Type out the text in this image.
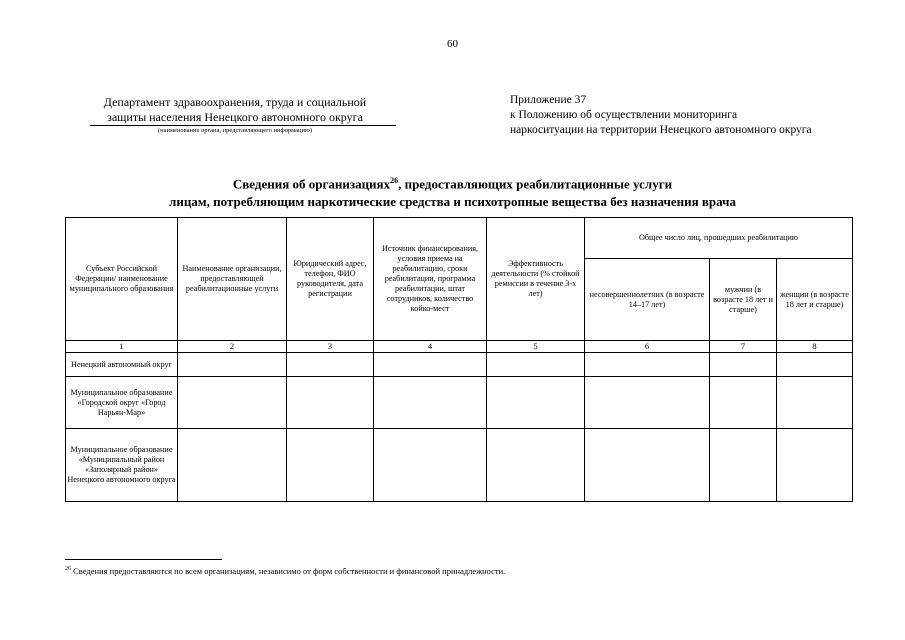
60
Департамент здравоохранения, труда и социальной
защиты населения Ненецкого автономного округа
(наименование органа, представляющего информацию)
Приложение 37
к Положению об осуществлении мониторинга
наркоситуации на территории Ненецкого автономного округа
Сведения об организациях$^{26}$, предоставляющих реабилитационные услуги
лицам, потребляющим наркотические средства и психотропные вещества без назначения врача
Субъект Российской Федерации/ наименование муниципального образования	Наименование организации, предоставляющей реабилитационные услуги	Юридический адрес, телефон, ФИО руководителя, дата регистрации	Источник финансирования, условия приема на реабилитацию, сроки реабилитации, программа реабилитации, штат сотрудников, количество койко-мест	Эффективность деятельности (% стойкой ремиссии в течение 3-х лет)	Общее число лиц, прошедших реабилитацию		
					несовершеннолетних (в возрасте 14–17 лет)	мужчин (в возрасте 18 лет и старше)	женщин (в возрасте 18 лет и старше)
1	2	3	4	5	6	7	8
Ненецкий автономный округ							
Муниципальное образование «Городской округ «Город Нарьян-Мар»							
Муниципальное образование «Муниципальный район «Заполярный район» Ненецкого автономного округа							
$^{26}$ Сведения предоставляются по всем организациям, независимо от форм собственности и финансовой принадлежности.
